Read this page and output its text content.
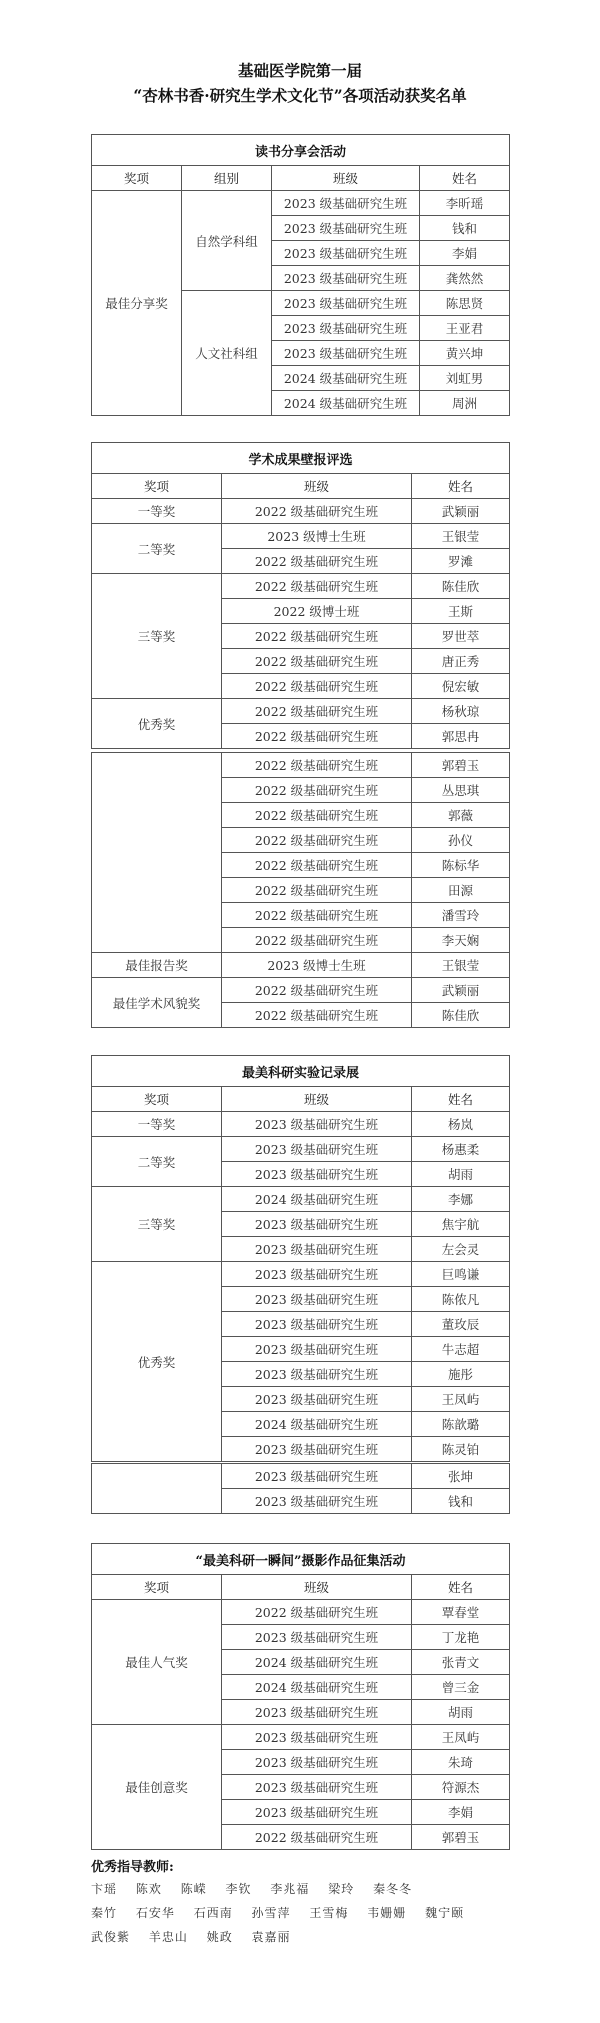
基础医学院第一届
“杏林书香·研究生学术文化节”各项活动获奖名单
读书分享会活动			
奖项	组别	班级	姓名
最佳分享奖	自然学科组	2023 级基础研究生班	李昕瑶
		2023 级基础研究生班	钱和
		2023 级基础研究生班	李娟
		2023 级基础研究生班	龚然然
	人文社科组	2023 级基础研究生班	陈思贤
		2023 级基础研究生班	王亚君
		2023 级基础研究生班	黄兴坤
		2024 级基础研究生班	刘虹男
		2024 级基础研究生班	周洲
学术成果壁报评选		
奖项	班级	姓名
一等奖	2022 级基础研究生班	武颖丽
二等奖	2023 级博士生班	王银莹
	2022 级基础研究生班	罗滩
三等奖	2022 级基础研究生班	陈佳欣
	2022 级博士班	王斯
	2022 级基础研究生班	罗世萃
	2022 级基础研究生班	唐正秀
	2022 级基础研究生班	倪宏敏
优秀奖	2022 级基础研究生班	杨秋琼
	2022 级基础研究生班	郭思冉
	2022 级基础研究生班	郭碧玉
	2022 级基础研究生班	丛思琪
	2022 级基础研究生班	郭薇
	2022 级基础研究生班	孙仪
	2022 级基础研究生班	陈标华
	2022 级基础研究生班	田源
	2022 级基础研究生班	潘雪玲
	2022 级基础研究生班	李天娴
最佳报告奖	2023 级博士生班	王银莹
最佳学术风貌奖	2022 级基础研究生班	武颖丽
	2022 级基础研究生班	陈佳欣
最美科研实验记录展		
奖项	班级	姓名
一等奖	2023 级基础研究生班	杨岚
二等奖	2023 级基础研究生班	杨惠柔
	2023 级基础研究生班	胡雨
三等奖	2024 级基础研究生班	李娜
	2023 级基础研究生班	焦宇航
	2023 级基础研究生班	左会灵
优秀奖	2023 级基础研究生班	巨鸣谦
	2023 级基础研究生班	陈侬凡
	2023 级基础研究生班	董玫辰
	2023 级基础研究生班	牛志超
	2023 级基础研究生班	施彤
	2023 级基础研究生班	王凤屿
	2024 级基础研究生班	陈歆璐
	2023 级基础研究生班	陈灵铂
	2023 级基础研究生班	张坤
	2023 级基础研究生班	钱和
“最美科研一瞬间”摄影作品征集活动		
奖项	班级	姓名
最佳人气奖	2022 级基础研究生班	覃春堂
	2023 级基础研究生班	丁龙艳
	2024 级基础研究生班	张青文
	2024 级基础研究生班	曾三金
	2023 级基础研究生班	胡雨
最佳创意奖	2023 级基础研究生班	王凤屿
	2023 级基础研究生班	朱琦
	2023 级基础研究生班	符源杰
	2023 级基础研究生班	李娟
	2022 级基础研究生班	郭碧玉
优秀指导教师:
卞瑶 陈欢 陈嵘 李钦 李兆福 梁玲 秦冬冬
秦竹 石安华 石西南 孙雪萍 王雪梅 韦姗姗 魏宁颐
武俊紫 羊忠山 姚政 袁嘉丽
